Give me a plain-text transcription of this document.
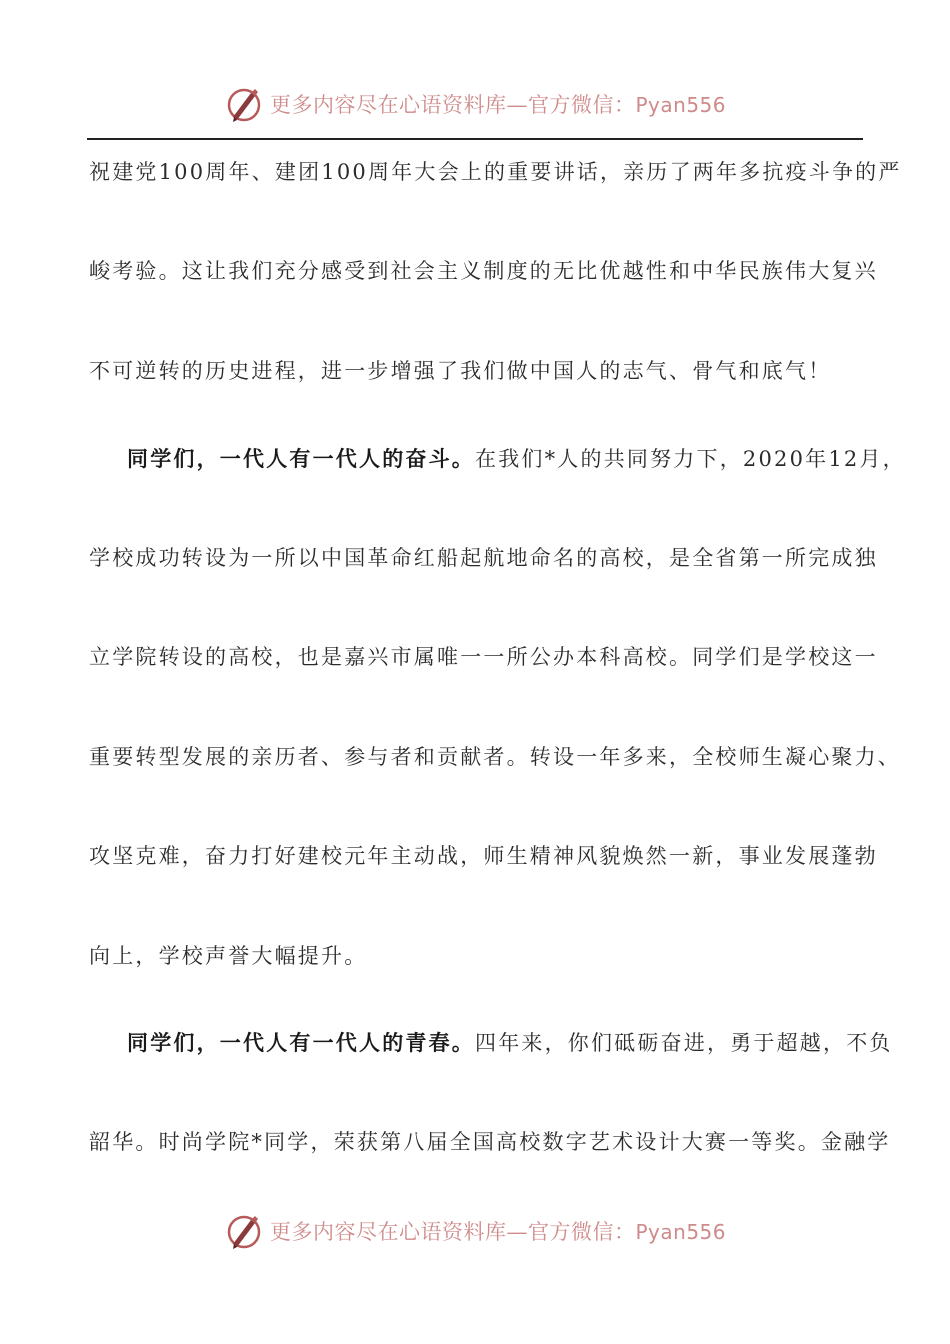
更多内容尽在心语资料库—官方微信：Pyan556
祝建党100周年、建团100周年大会上的重要讲话，亲历了两年多抗疫斗争的严
峻考验。这让我们充分感受到社会主义制度的无比优越性和中华民族伟大复兴
不可逆转的历史进程，进一步增强了我们做中国人的志气、骨气和底气！
同学们，一代人有一代人的奋斗。在我们*人的共同努力下，2020年12月，
学校成功转设为一所以中国革命红船起航地命名的高校，是全省第一所完成独
立学院转设的高校，也是嘉兴市属唯一一所公办本科高校。同学们是学校这一
重要转型发展的亲历者、参与者和贡献者。转设一年多来，全校师生凝心聚力、
攻坚克难，奋力打好建校元年主动战，师生精神风貌焕然一新，事业发展蓬勃
向上，学校声誉大幅提升。
同学们，一代人有一代人的青春。四年来，你们砥砺奋进，勇于超越，不负
韶华。时尚学院*同学，荣获第八届全国高校数字艺术设计大赛一等奖。金融学
更多内容尽在心语资料库—官方微信：Pyan556
